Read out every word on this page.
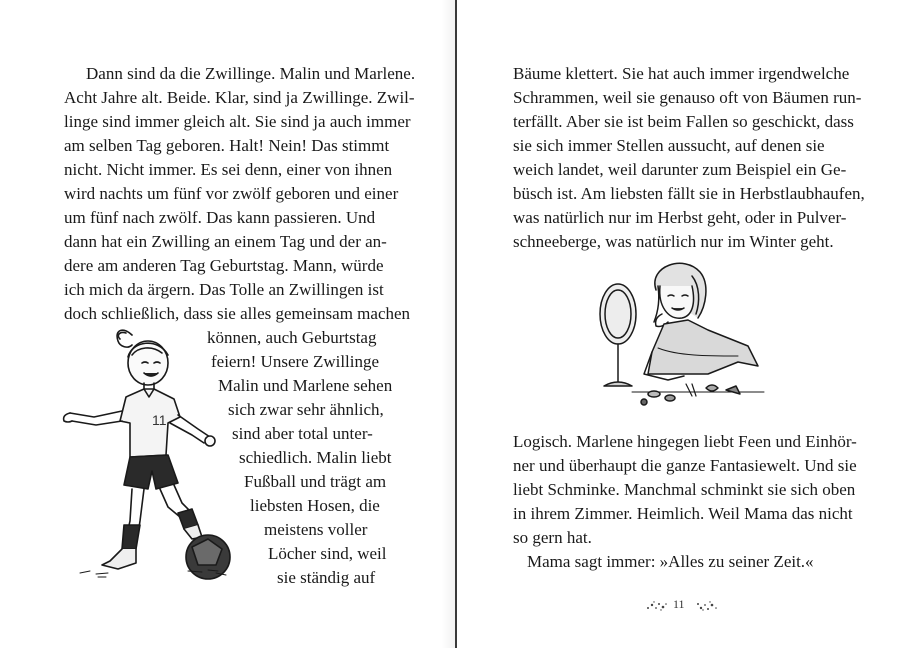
Dann sind da die Zwillinge. Malin und Marlene.

Acht Jahre alt. Beide. Klar, sind ja Zwillinge. Zwil-

linge sind immer gleich alt. Sie sind ja auch immer

am selben Tag geboren. Halt! Nein! Das stimmt

nicht. Nicht immer. Es sei denn, einer von ihnen

wird nachts um fünf vor zwölf geboren und einer

um fünf nach zwölf. Das kann passieren. Und

dann hat ein Zwilling an einem Tag und der an-

dere am anderen Tag Geburtstag. Mann, würde

ich mich da ärgern. Das Tolle an Zwillingen ist

doch schließlich, dass sie alles gemeinsam machen

können, auch Geburtstag

feiern! Unsere Zwillinge

Malin und Marlene sehen

sich zwar sehr ähnlich,

sind aber total unter-

schiedlich. Malin liebt

Fußball und trägt am

liebsten Hosen, die

meistens voller

Löcher sind, weil

sie ständig auf

11

Bäume klettert. Sie hat auch immer irgendwelche

Schrammen, weil sie genauso oft von Bäumen run-

terfällt. Aber sie ist beim Fallen so geschickt, dass

sie sich immer Stellen aussucht, auf denen sie

weich landet, weil darunter zum Beispiel ein Ge-

büsch ist. Am liebsten fällt sie in Herbstlaubhaufen,

was natürlich nur im Herbst geht, oder in Pulver-

schneeberge, was natürlich nur im Winter geht.

Logisch. Marlene hingegen liebt Feen und Einhör-

ner und überhaupt die ganze Fantasiewelt. Und sie

liebt Schminke. Manchmal schminkt sie sich oben

in ihrem Zimmer. Heimlich. Weil Mama das nicht

so gern hat.

Mama sagt immer: »Alles zu seiner Zeit.«

11
